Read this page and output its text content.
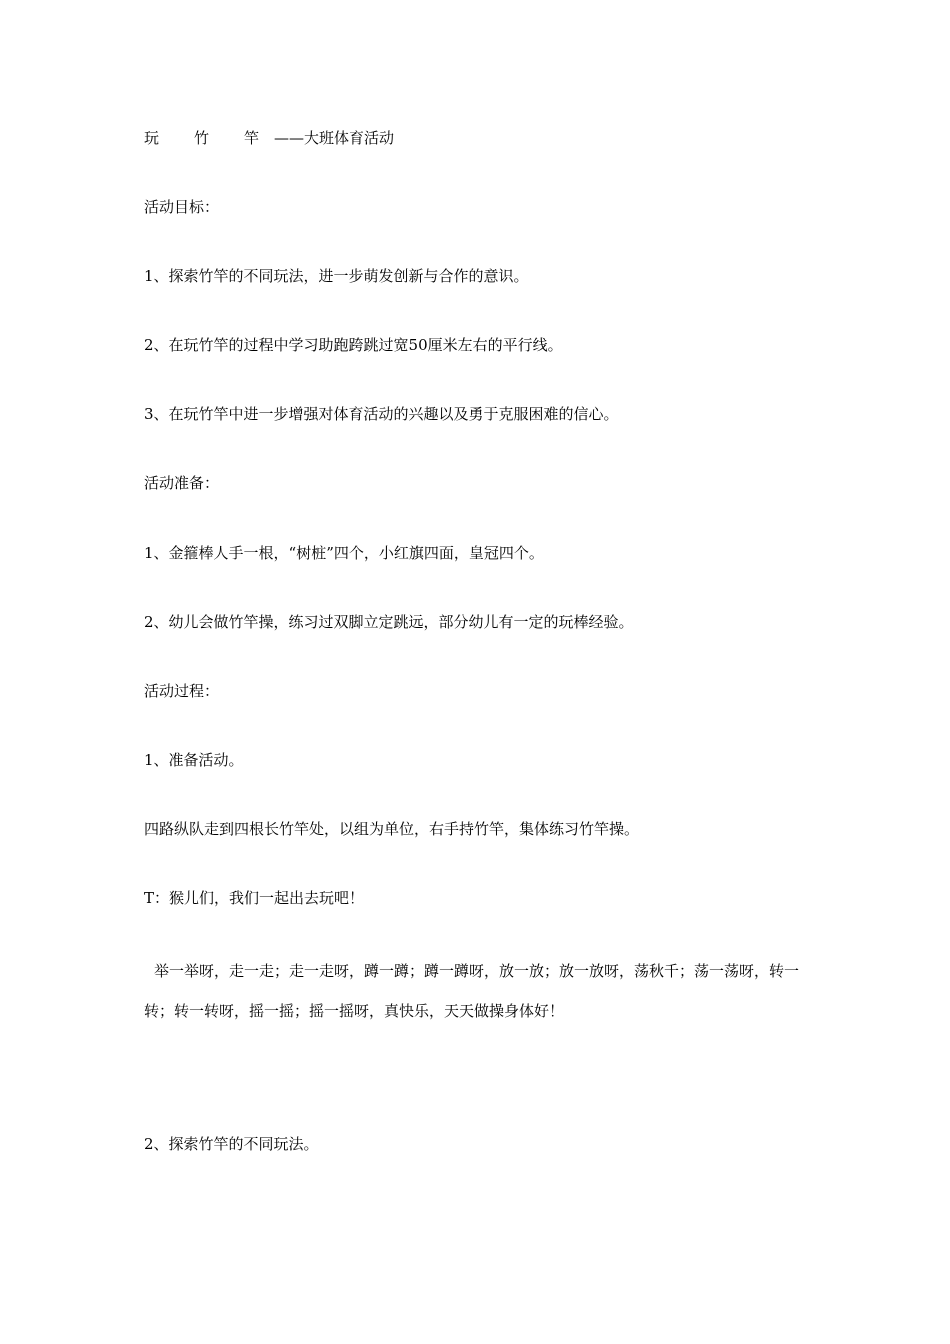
玩 竹 竿 ——大班体育活动
活动目标：
1、探索竹竿的不同玩法，进一步萌发创新与合作的意识。
2、在玩竹竿的过程中学习助跑跨跳过宽50厘米左右的平行线。
3、在玩竹竿中进一步增强对体育活动的兴趣以及勇于克服困难的信心。
活动准备：
1、金箍棒人手一根，“树桩”四个，小红旗四面，皇冠四个。
2、幼儿会做竹竿操，练习过双脚立定跳远，部分幼儿有一定的玩棒经验。
活动过程：
1、准备活动。
四路纵队走到四根长竹竿处，以组为单位，右手持竹竿，集体练习竹竿操。
T：猴儿们，我们一起出去玩吧！
举一举呀，走一走；走一走呀，蹲一蹲；蹲一蹲呀，放一放；放一放呀，荡秋千；荡一荡呀，转一转；转一转呀，摇一摇；摇一摇呀，真快乐，天天做操身体好！
2、探索竹竿的不同玩法。
